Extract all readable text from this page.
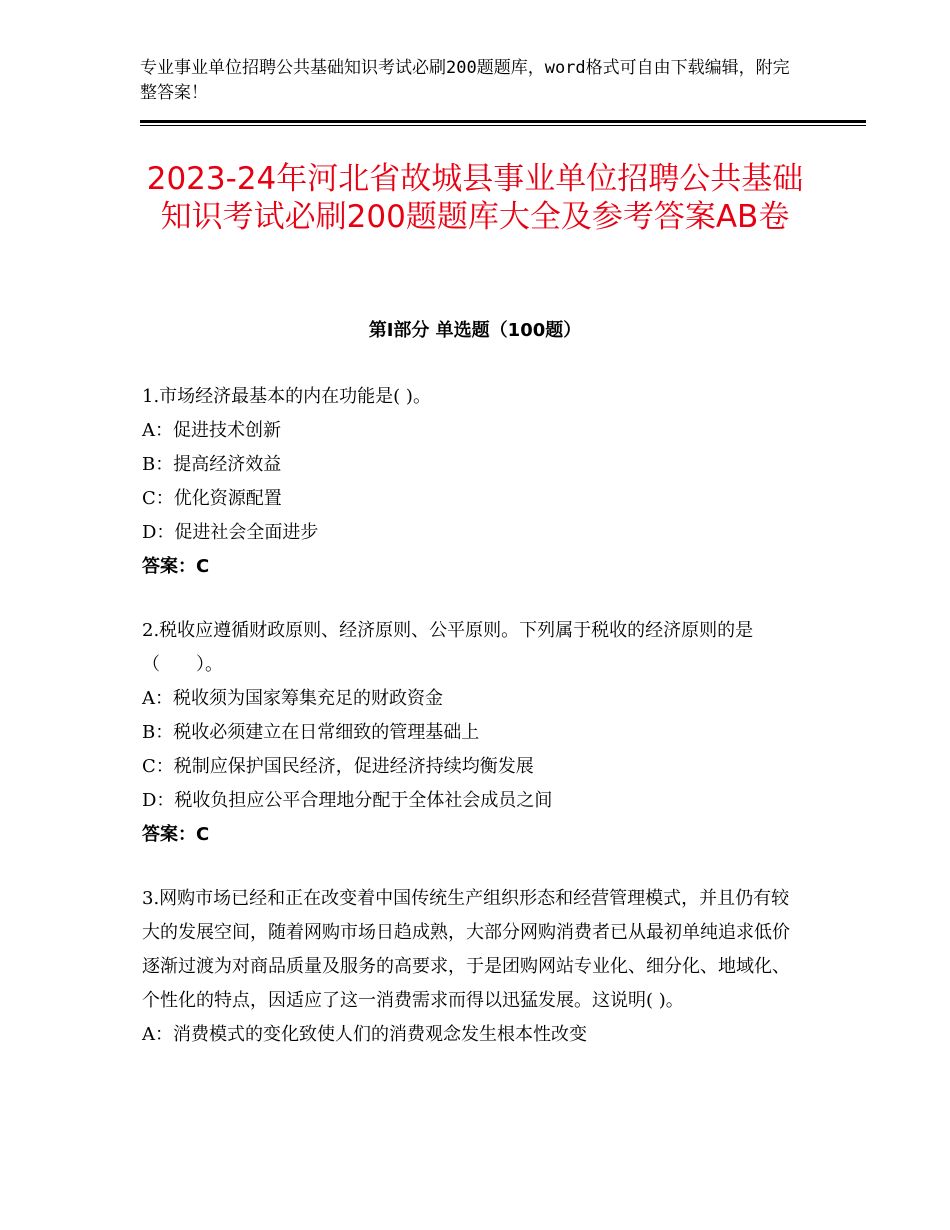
专业事业单位招聘公共基础知识考试必刷200题题库，word格式可自由下载编辑，附完整答案！
2023-24年河北省故城县事业单位招聘公共基础知识考试必刷200题题库大全及参考答案AB卷
第Ⅰ部分 单选题（100题）

1.市场经济最基本的内在功能是( )。

A：促进技术创新

B：提高经济效益

C：优化资源配置

D：促进社会全面进步

答案：C

2.税收应遵循财政原则、经济原则、公平原则。下列属于税收的经济原则的是（　　）。

A：税收须为国家筹集充足的财政资金

B：税收必须建立在日常细致的管理基础上

C：税制应保护国民经济，促进经济持续均衡发展

D：税收负担应公平合理地分配于全体社会成员之间

答案：C

3.网购市场已经和正在改变着中国传统生产组织形态和经营管理模式，并且仍有较大的发展空间，随着网购市场日趋成熟，大部分网购消费者已从最初单纯追求低价逐渐过渡为对商品质量及服务的高要求，于是团购网站专业化、细分化、地域化、个性化的特点，因适应了这一消费需求而得以迅猛发展。这说明( )。

A：消费模式的变化致使人们的消费观念发生根本性改变
